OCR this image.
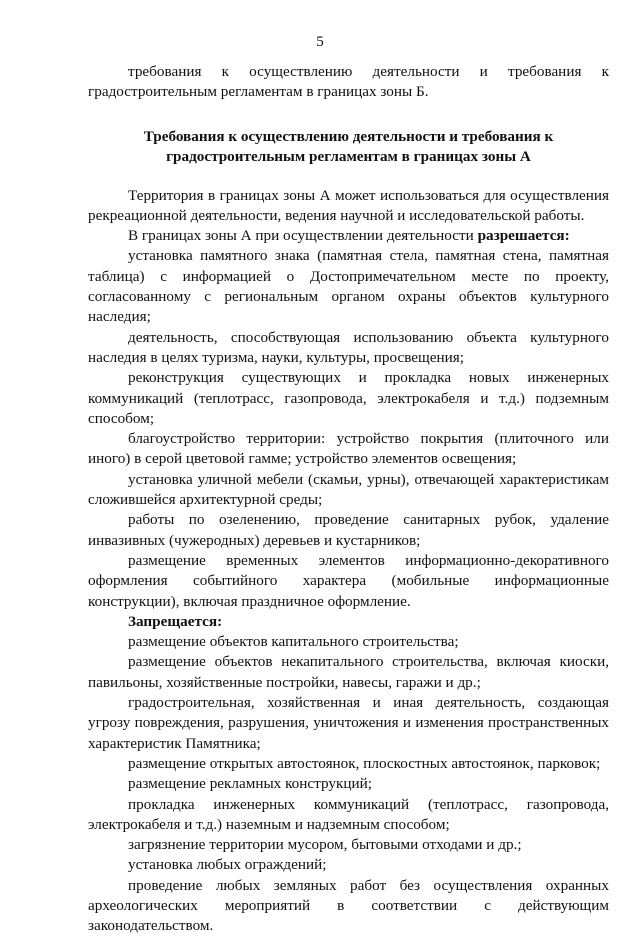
5

требования к осуществлению деятельности и требования к градостроительным регламентам в границах зоны Б.

Требования к осуществлению деятельности и требования к
градостроительным регламентам в границах зоны А

Территория в границах зоны А может использоваться для осуществления рекреационной деятельности, ведения научной и исследовательской работы.

В границах зоны А при осуществлении деятельности разрешается:

установка памятного знака (памятная стела, памятная стена, памятная таблица) с информацией о Достопримечательном месте по проекту, согласованному с региональным органом охраны объектов культурного наследия;

деятельность, способствующая использованию объекта культурного наследия в целях туризма, науки, культуры, просвещения;

реконструкция существующих и прокладка новых инженерных коммуникаций (теплотрасс, газопровода, электрокабеля и т.д.) подземным способом;

благоустройство территории: устройство покрытия (плиточного или иного) в серой цветовой гамме; устройство элементов освещения;

установка уличной мебели (скамьи, урны), отвечающей характеристикам сложившейся архитектурной среды;

работы по озеленению, проведение санитарных рубок, удаление инвазивных (чужеродных) деревьев и кустарников;

размещение временных элементов информационно-декоративного оформления событийного характера (мобильные информационные конструкции), включая праздничное оформление.

Запрещается:

размещение объектов капитального строительства;

размещение объектов некапитального строительства, включая киоски, павильоны, хозяйственные постройки, навесы, гаражи и др.;

градостроительная, хозяйственная и иная деятельность, создающая угрозу повреждения, разрушения, уничтожения и изменения пространственных характеристик Памятника;

размещение открытых автостоянок, плоскостных автостоянок, парковок;

размещение рекламных конструкций;

прокладка инженерных коммуникаций (теплотрасс, газопровода, электрокабеля и т.д.) наземным и надземным способом;

загрязнение территории мусором, бытовыми отходами и др.;

установка любых ограждений;

проведение любых земляных работ без осуществления охранных археологических мероприятий в соответствии с действующим законодательством.
